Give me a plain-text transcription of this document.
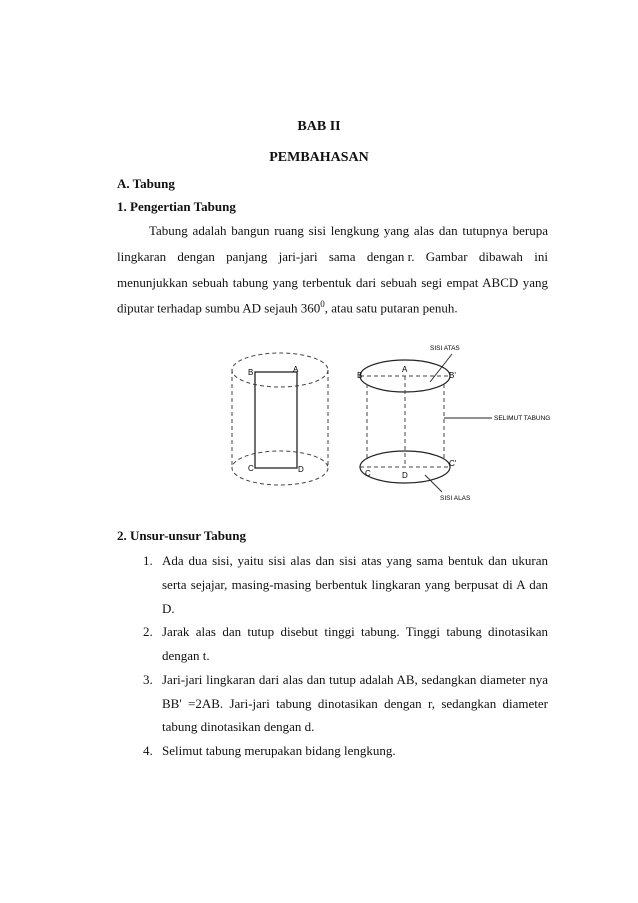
BAB II
PEMBAHASAN
A. Tabung
1. Pengertian Tabung
Tabung adalah bangun ruang sisi lengkung yang alas dan tutupnya berupa
lingkaran dengan panjang jari-jari sama dengan r. Gambar dibawah ini
menunjukkan sebuah tabung yang terbentuk dari sebuah segi empat ABCD yang
diputar terhadap sumbu AD sejauh $360^0$, atau satu putaran penuh.
B	A
C	D
B
A
B'
C	D
C'
SISI ATAS
SELIMUT TABUNG
SISI ALAS
2. Unsur-unsur Tabung
1. Ada dua sisi, yaitu sisi alas dan sisi atas yang sama bentuk dan ukuran
serta sejajar, masing-masing berbentuk lingkaran yang berpusat di A dan
D.
2. Jarak alas dan tutup disebut tinggi tabung. Tinggi tabung dinotasikan
dengan t.
3. Jari-jari lingkaran dari alas dan tutup adalah AB, sedangkan diameter nya
BB' =2AB. Jari-jari tabung dinotasikan dengan r, sedangkan diameter
tabung dinotasikan dengan d.
4. Selimut tabung merupakan bidang lengkung.
